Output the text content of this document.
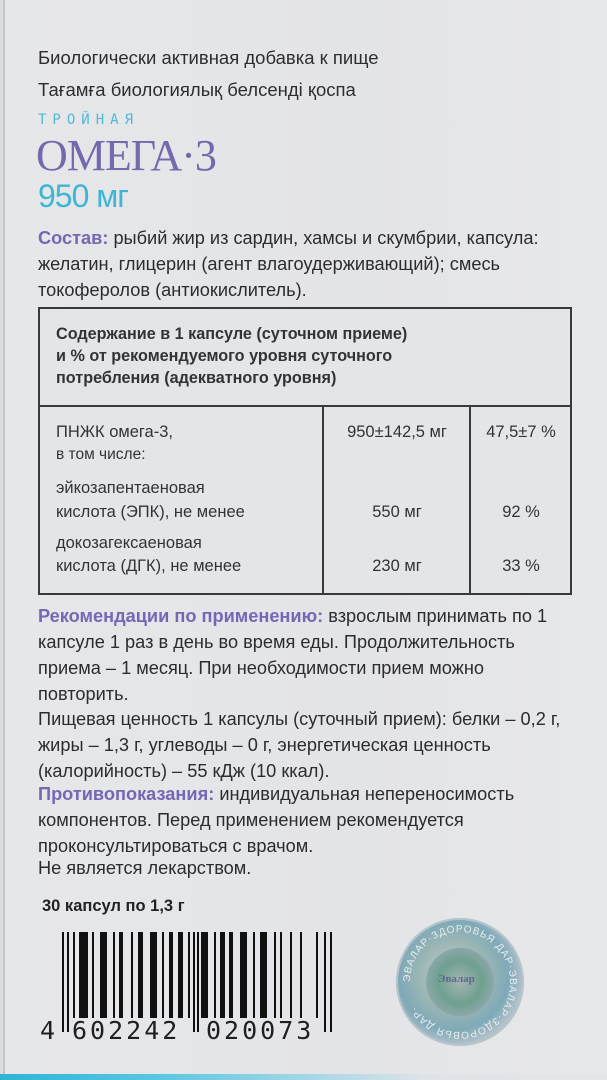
Биологически активная добавка к пище
Тағамға биологиялық белсенді қоспа
ТРОЙНАЯ
ОМЕГА·3
950 мг
Состав: рыбий жир из сардин, хамсы и скумбрии, капсула: желатин, глицерин (агент влагоудерживающий); смесь токоферолов (антиокислитель).
Содержание в 1 капсуле (суточном приеме)
и % от рекомендуемого уровня суточного
потребления (адекватного уровня)
ПНЖК омега-3,
в том числе:
950±142,5 мг	47,5±7 %
эйкозапентаеновая
кислота (ЭПК), не менее	550 мг	92 %
докозагексаеновая
кислота (ДГК), не менее	230 мг	33 %
Рекомендации по применению: взрослым принимать по 1 капсуле 1 раз в день во время еды. Продолжительность приема – 1 месяц. При необходимости прием можно повторить.
Пищевая ценность 1 капсулы (суточный прием): белки – 0,2 г, жиры – 1,3 г, углеводы – 0 г, энергетическая ценность (калорийность) – 55 кДж (10 ккал).
Противопоказания: индивидуальная непереносимость компонентов. Перед применением рекомендуется проконсультироваться с врачом.
Не является лекарством.
30 капсул по 1,3 г
4 602242 020073
ЭВАЛАР·ЗДОРОВЬЯ ДАР·ЭВАЛАР·ЗДОРОВЬЯ ДАР·
Эвалар
